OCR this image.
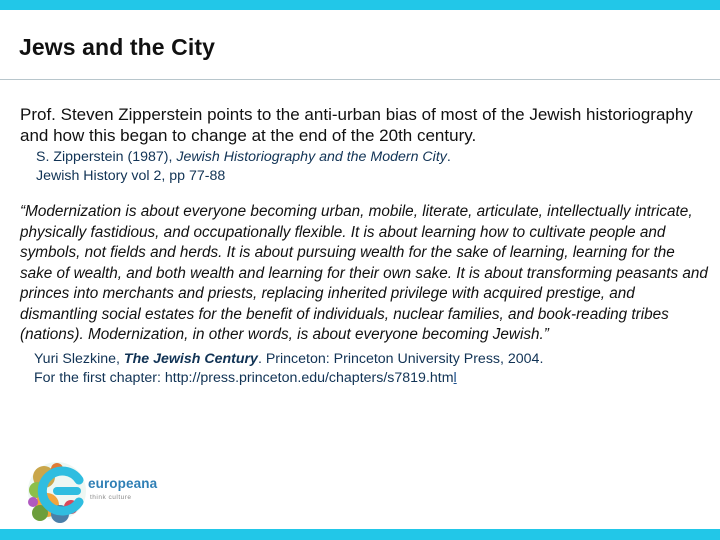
Jews and the City

Prof. Steven Zipperstein points to the anti-urban bias of most of the Jewish historiography and how this began to change at the end of the 20th century.

S. Zipperstein (1987), Jewish Historiography and the Modern City.
Jewish History vol 2, pp 77-88

“Modernization is about everyone becoming urban, mobile, literate, articulate, intellectually intricate, physically fastidious, and occupationally flexible. It is about learning how to cultivate people and symbols, not fields and herds. It is about pursuing wealth for the sake of learning, learning for the sake of wealth, and both wealth and learning for their own sake. It is about transforming peasants and princes into merchants and priests, replacing inherited privilege with acquired prestige, and dismantling social estates for the benefit of individuals, nuclear families, and book-reading tribes (nations). Modernization, in other words, is about everyone becoming Jewish.”

Yuri Slezkine, The Jewish Century. Princeton: Princeton University Press, 2004.
For the first chapter: http://press.princeton.edu/chapters/s7819.html
europeana
think culture
